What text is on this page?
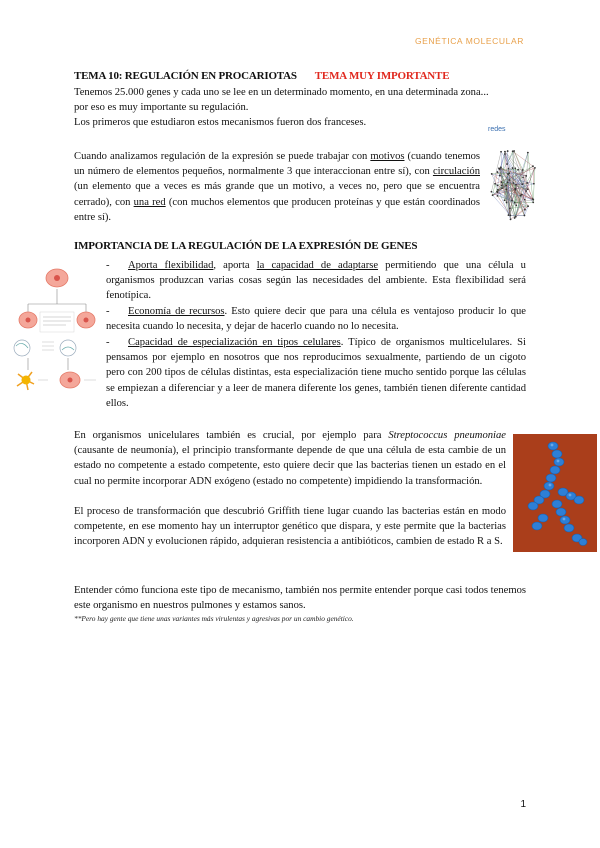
GENÉTICA MOLECULAR
TEMA 10: REGULACIÓN EN PROCARIOTAS TEMA MUY IMPORTANTE

Tenemos 25.000 genes y cada uno se lee en un determinado momento, en una determinada zona...
por eso es muy importante su regulación.
Los primeros que estudiaron estos mecanismos fueron dos franceses.

Cuando analizamos regulación de la expresión se puede trabajar con motivos (cuando tenemos un número de elementos pequeños, normalmente 3 que interaccionan entre sí), con circulación (un elemento que a veces es más grande que un motivo, a veces no, pero que se encuentra cerrado), con una red (con muchos elementos que producen proteínas y que están coordinados entre sí).

redes
IMPORTANCIA DE LA REGULACIÓN DE LA EXPRESIÓN DE GENES

- Aporta flexibilidad, aporta la capacidad de adaptarse permitiendo que una célula u organismos produzcan varias cosas según las necesidades del ambiente. Esta flexibilidad será fenotípica.

- Economía de recursos. Esto quiere decir que para una célula es ventajoso producir lo que necesita cuando lo necesita, y dejar de hacerlo cuando no lo necesita.

- Capacidad de especialización en tipos celulares. Típico de organismos multicelulares. Si pensamos por ejemplo en nosotros que nos reproducimos sexualmente, partiendo de un cigoto pero con 200 tipos de células distintas, esta especialización tiene mucho sentido porque las células se empiezan a diferenciar y a leer de manera diferente los genes, también tienen diferente cantidad ellos.

En organismos unicelulares también es crucial, por ejemplo para Streptococcus pneumoniae (causante de neumonía), el principio transformante depende de que una célula de esta cambie de un estado no competente a estado competente, esto quiere decir que las bacterias tienen un estado en el cual no permite incorporar ADN exógeno (estado no competente) impidiendo la transformación.

El proceso de transformación que descubrió Griffith tiene lugar cuando las bacterias están en modo competente, en ese momento hay un interruptor genético que dispara, y este permite que la bacterias incorporen ADN y evolucionen rápido, adquieran resistencia a antibióticos, cambien de estado R a S.

Entender cómo funciona este tipo de mecanismo, también nos permite entender porque casi todos tenemos este organismo en nuestros pulmones y estamos sanos.

**Pero hay gente que tiene unas variantes más virulentas y agresivas por un cambio genético.
1
